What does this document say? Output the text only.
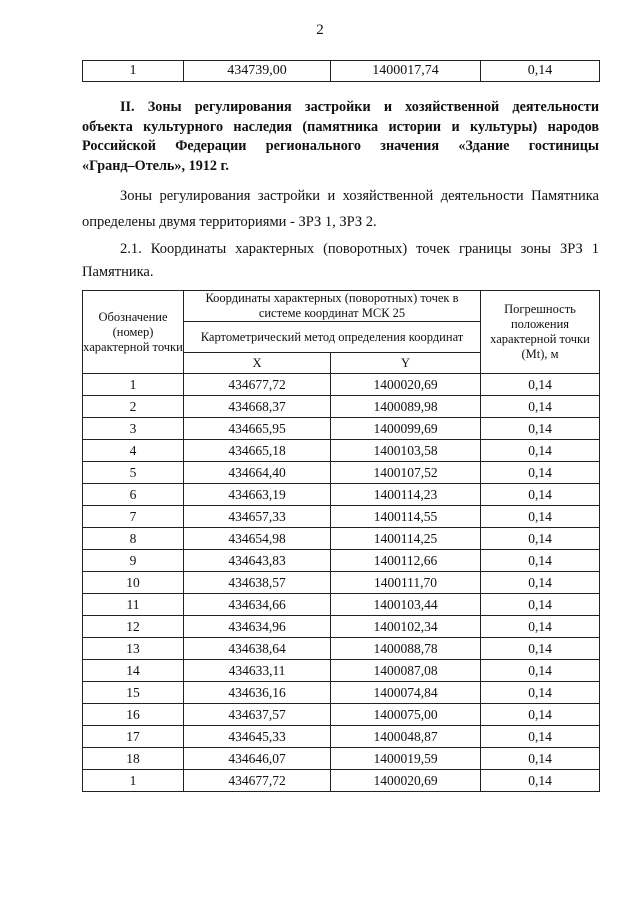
2
1	434739,00	1400017,74	0,14
II. Зоны регулирования застройки и хозяйственной деятельности
объекта культурного наследия (памятника истории и культуры) народов
Российской Федерации регионального значения «Здание гостиницы
«Гранд–Отель», 1912 г.
Зоны регулирования застройки и хозяйственной деятельности Памятника
определены двумя территориями - ЗРЗ 1, ЗРЗ 2.
2.1. Координаты характерных (поворотных) точек границы зоны ЗРЗ 1
Памятника.
Обозначение (номер) характерной точки	Координаты характерных (поворотных) точек в системе координат МСК 25		Погрешность положения характерной точки (Mt), м
	Картометрический метод определения координат		
	X	Y	
1	434677,72	1400020,69	0,14
2	434668,37	1400089,98	0,14
3	434665,95	1400099,69	0,14
4	434665,18	1400103,58	0,14
5	434664,40	1400107,52	0,14
6	434663,19	1400114,23	0,14
7	434657,33	1400114,55	0,14
8	434654,98	1400114,25	0,14
9	434643,83	1400112,66	0,14
10	434638,57	1400111,70	0,14
11	434634,66	1400103,44	0,14
12	434634,96	1400102,34	0,14
13	434638,64	1400088,78	0,14
14	434633,11	1400087,08	0,14
15	434636,16	1400074,84	0,14
16	434637,57	1400075,00	0,14
17	434645,33	1400048,87	0,14
18	434646,07	1400019,59	0,14
1	434677,72	1400020,69	0,14
